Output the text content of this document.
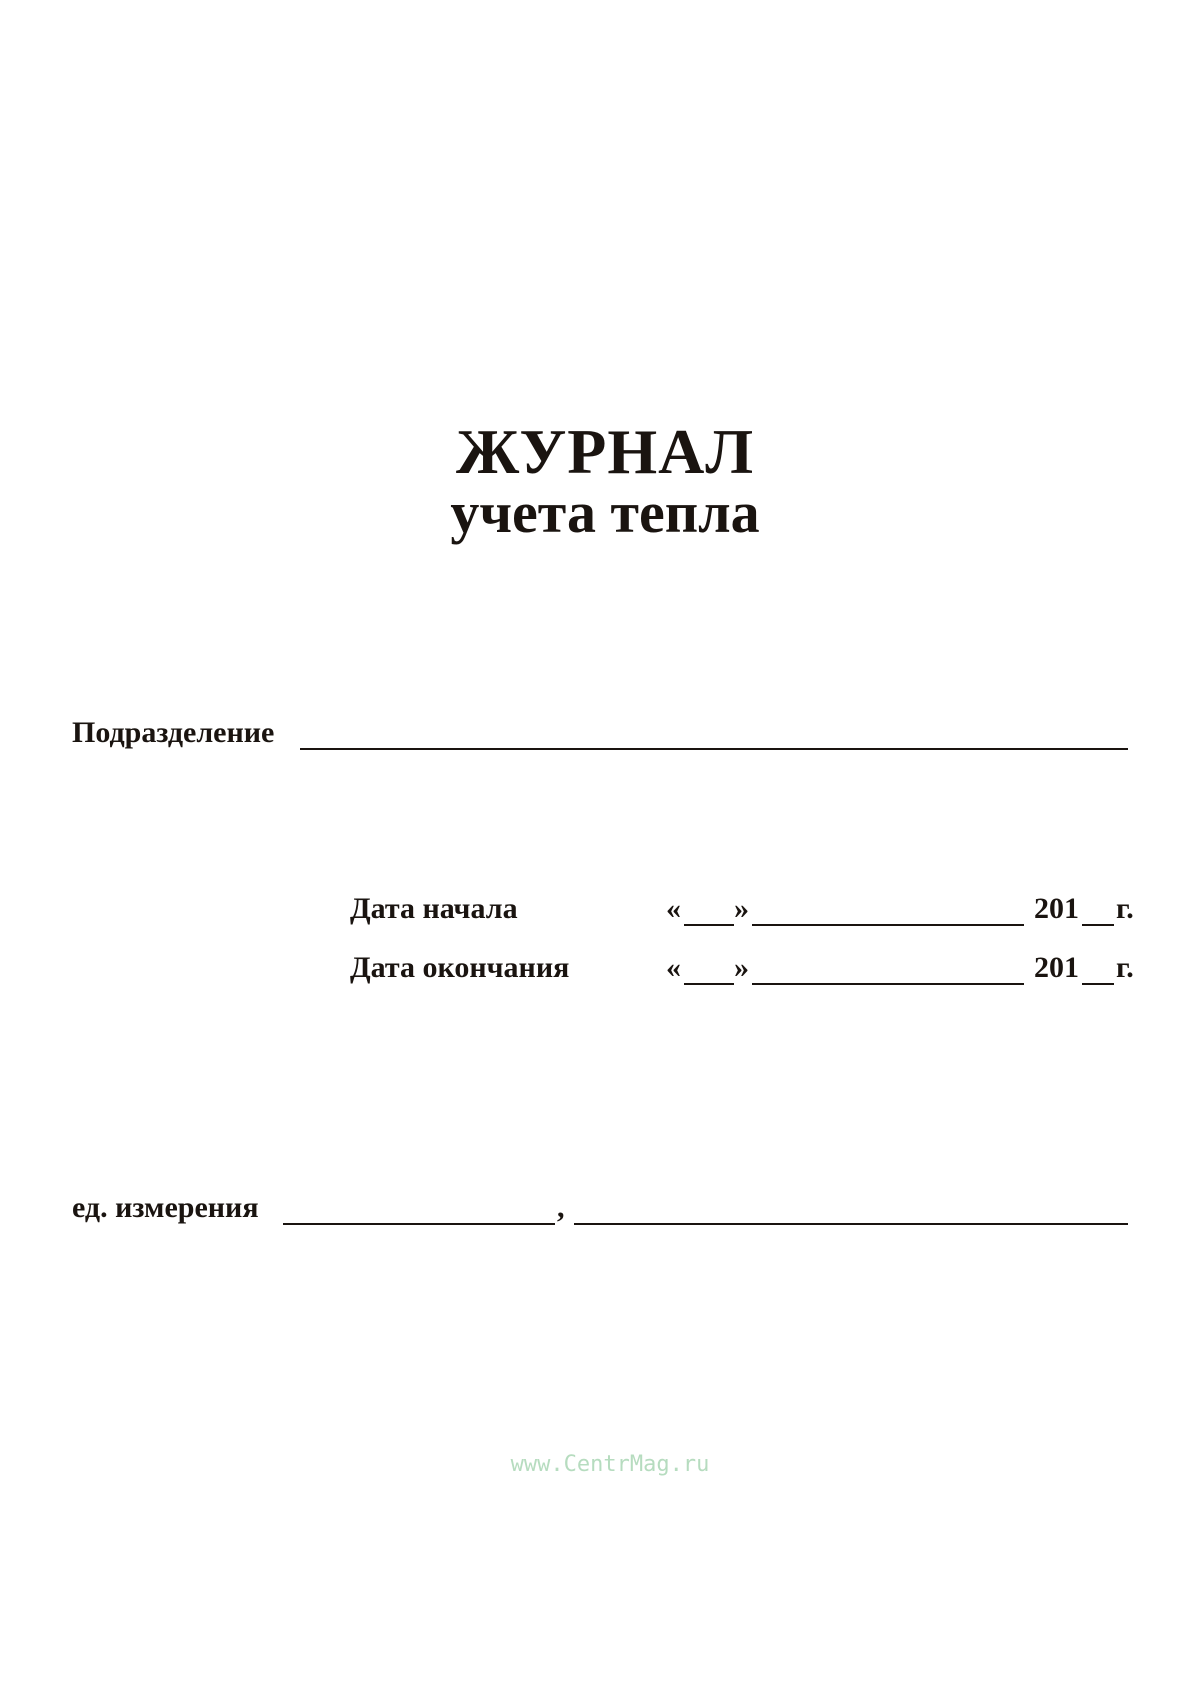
ЖУРНАЛ
учета тепла
Подразделение
Дата начала	« »	201 г.
Дата окончания	« »	201 г.
ед. измерения	,
www.CentrMag.ru
